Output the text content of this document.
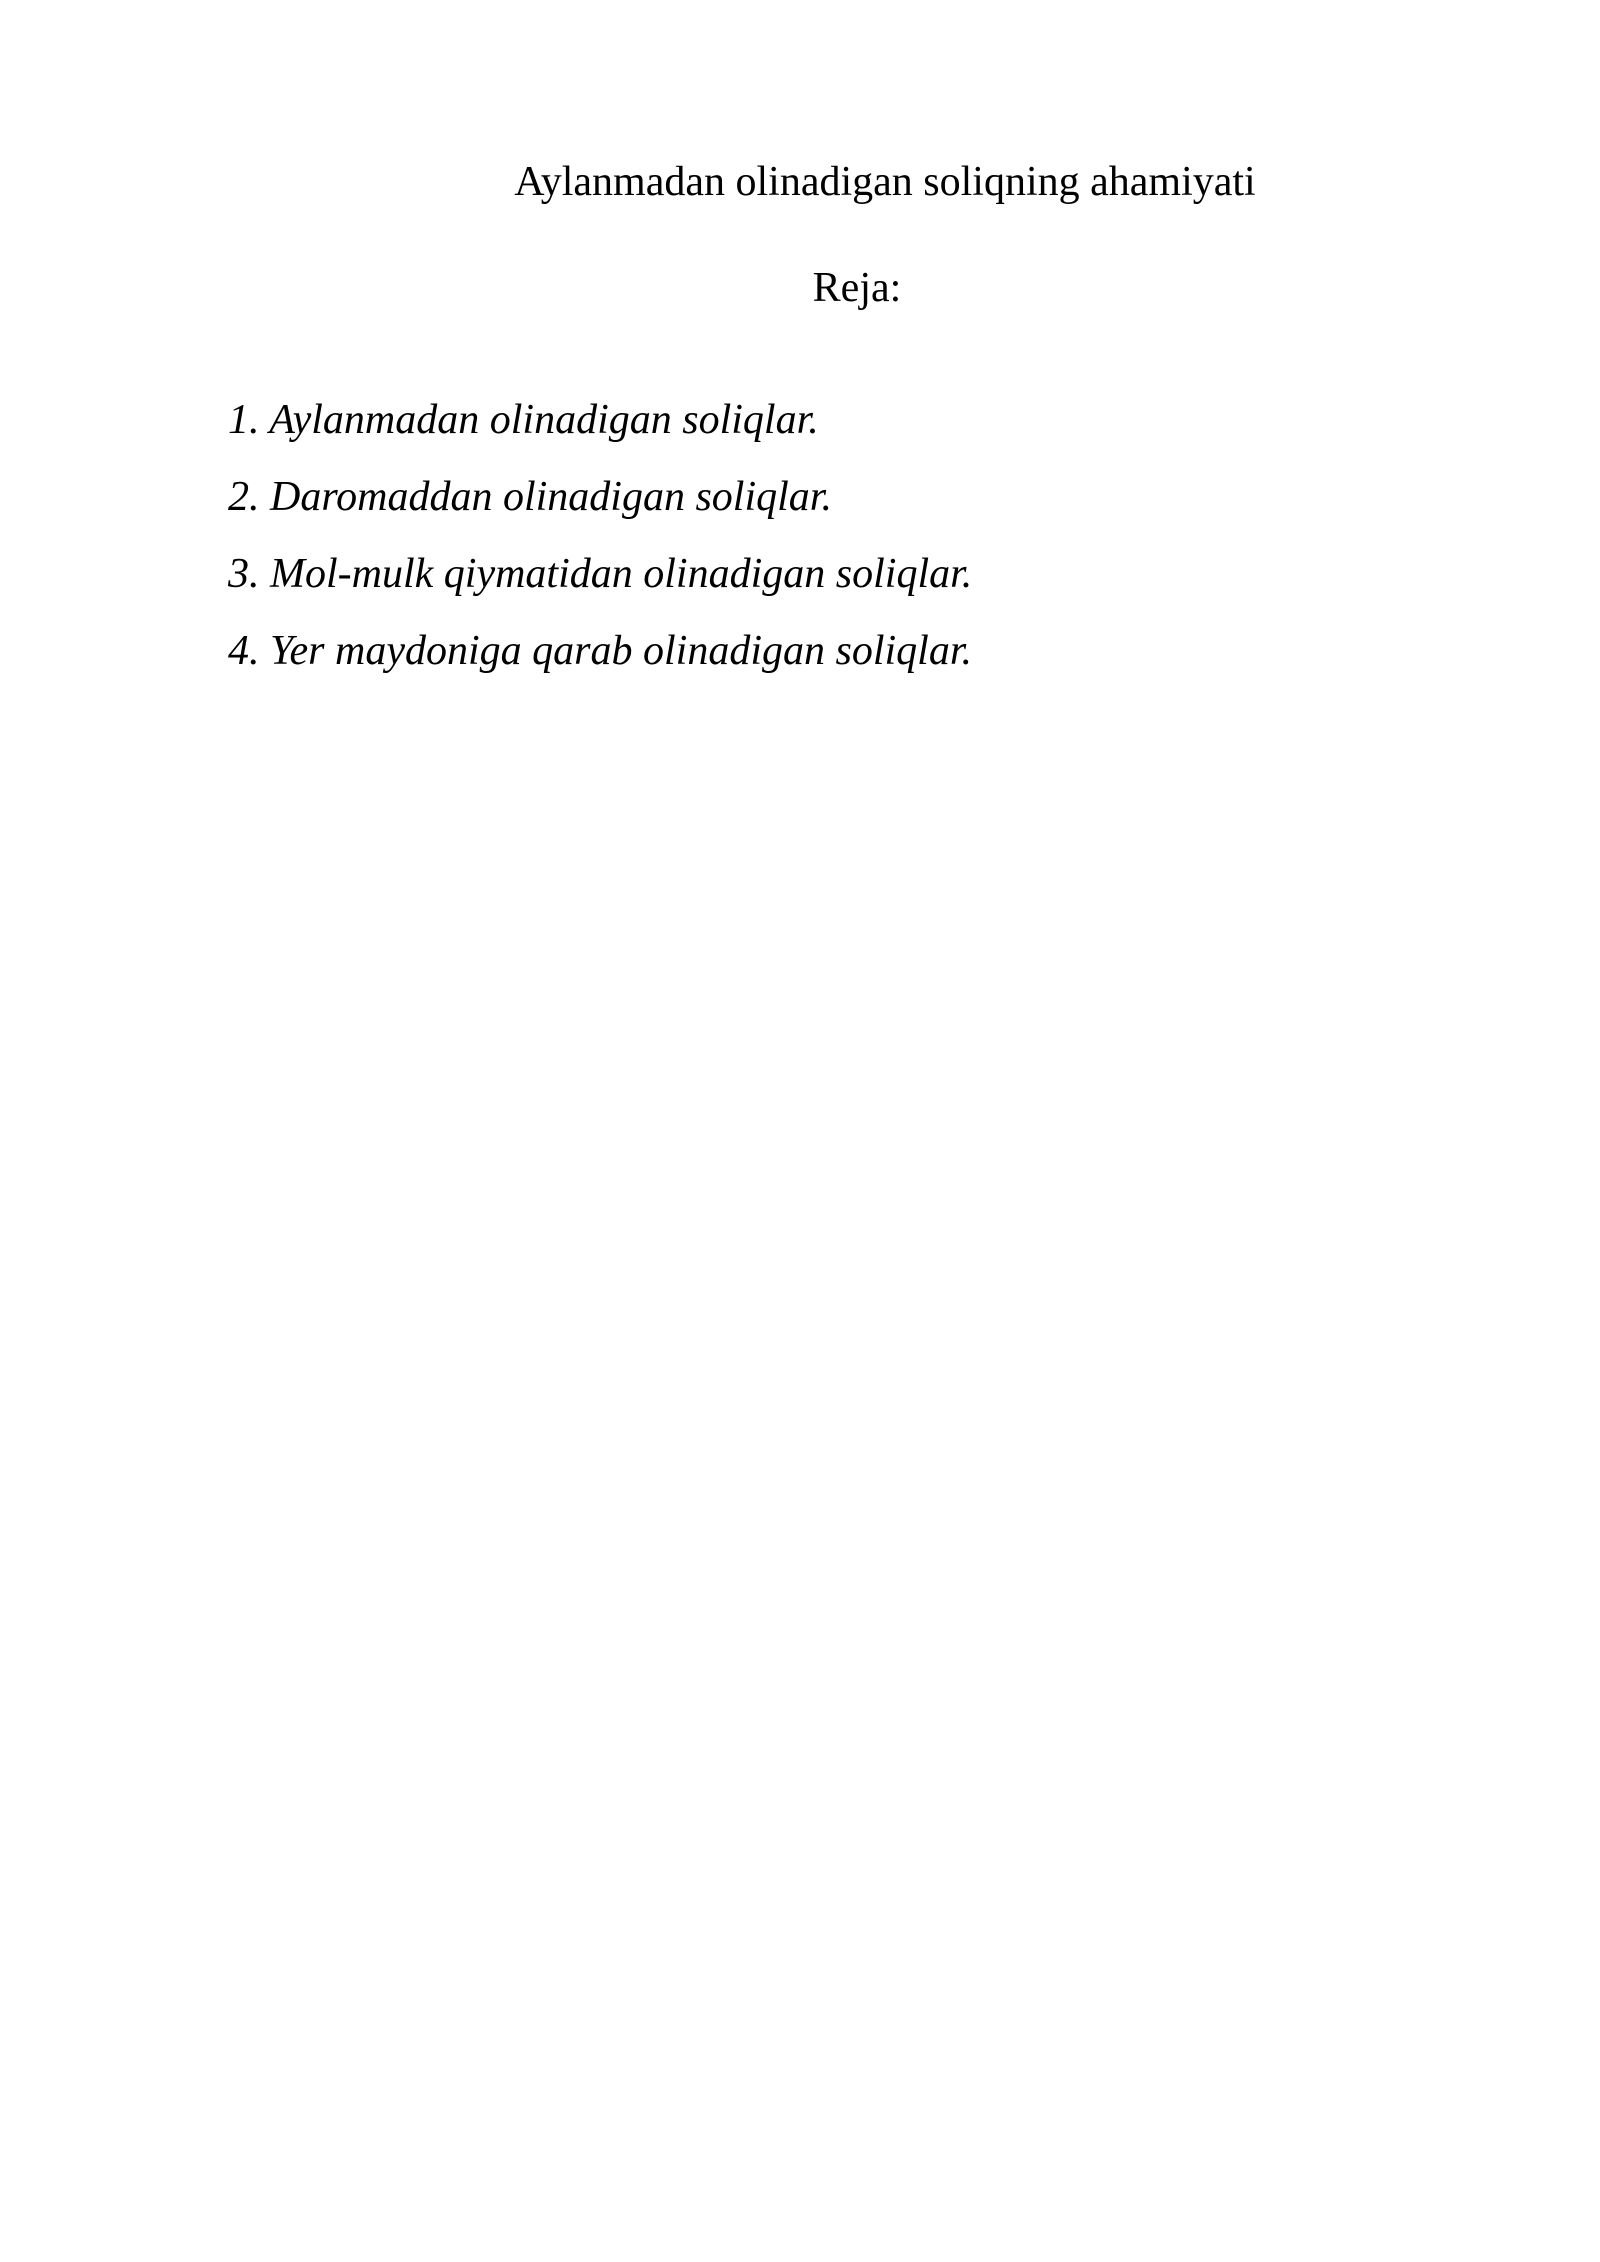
Aylanmadan olinadigan soliqning ahamiyati
Reja:

1. Aylanmadan olinadigan soliqlar.

2. Daromaddan olinadigan soliqlar.

3. Mol-mulk qiymatidan olinadigan soliqlar.

4. Yer maydoniga qarab olinadigan soliqlar.
